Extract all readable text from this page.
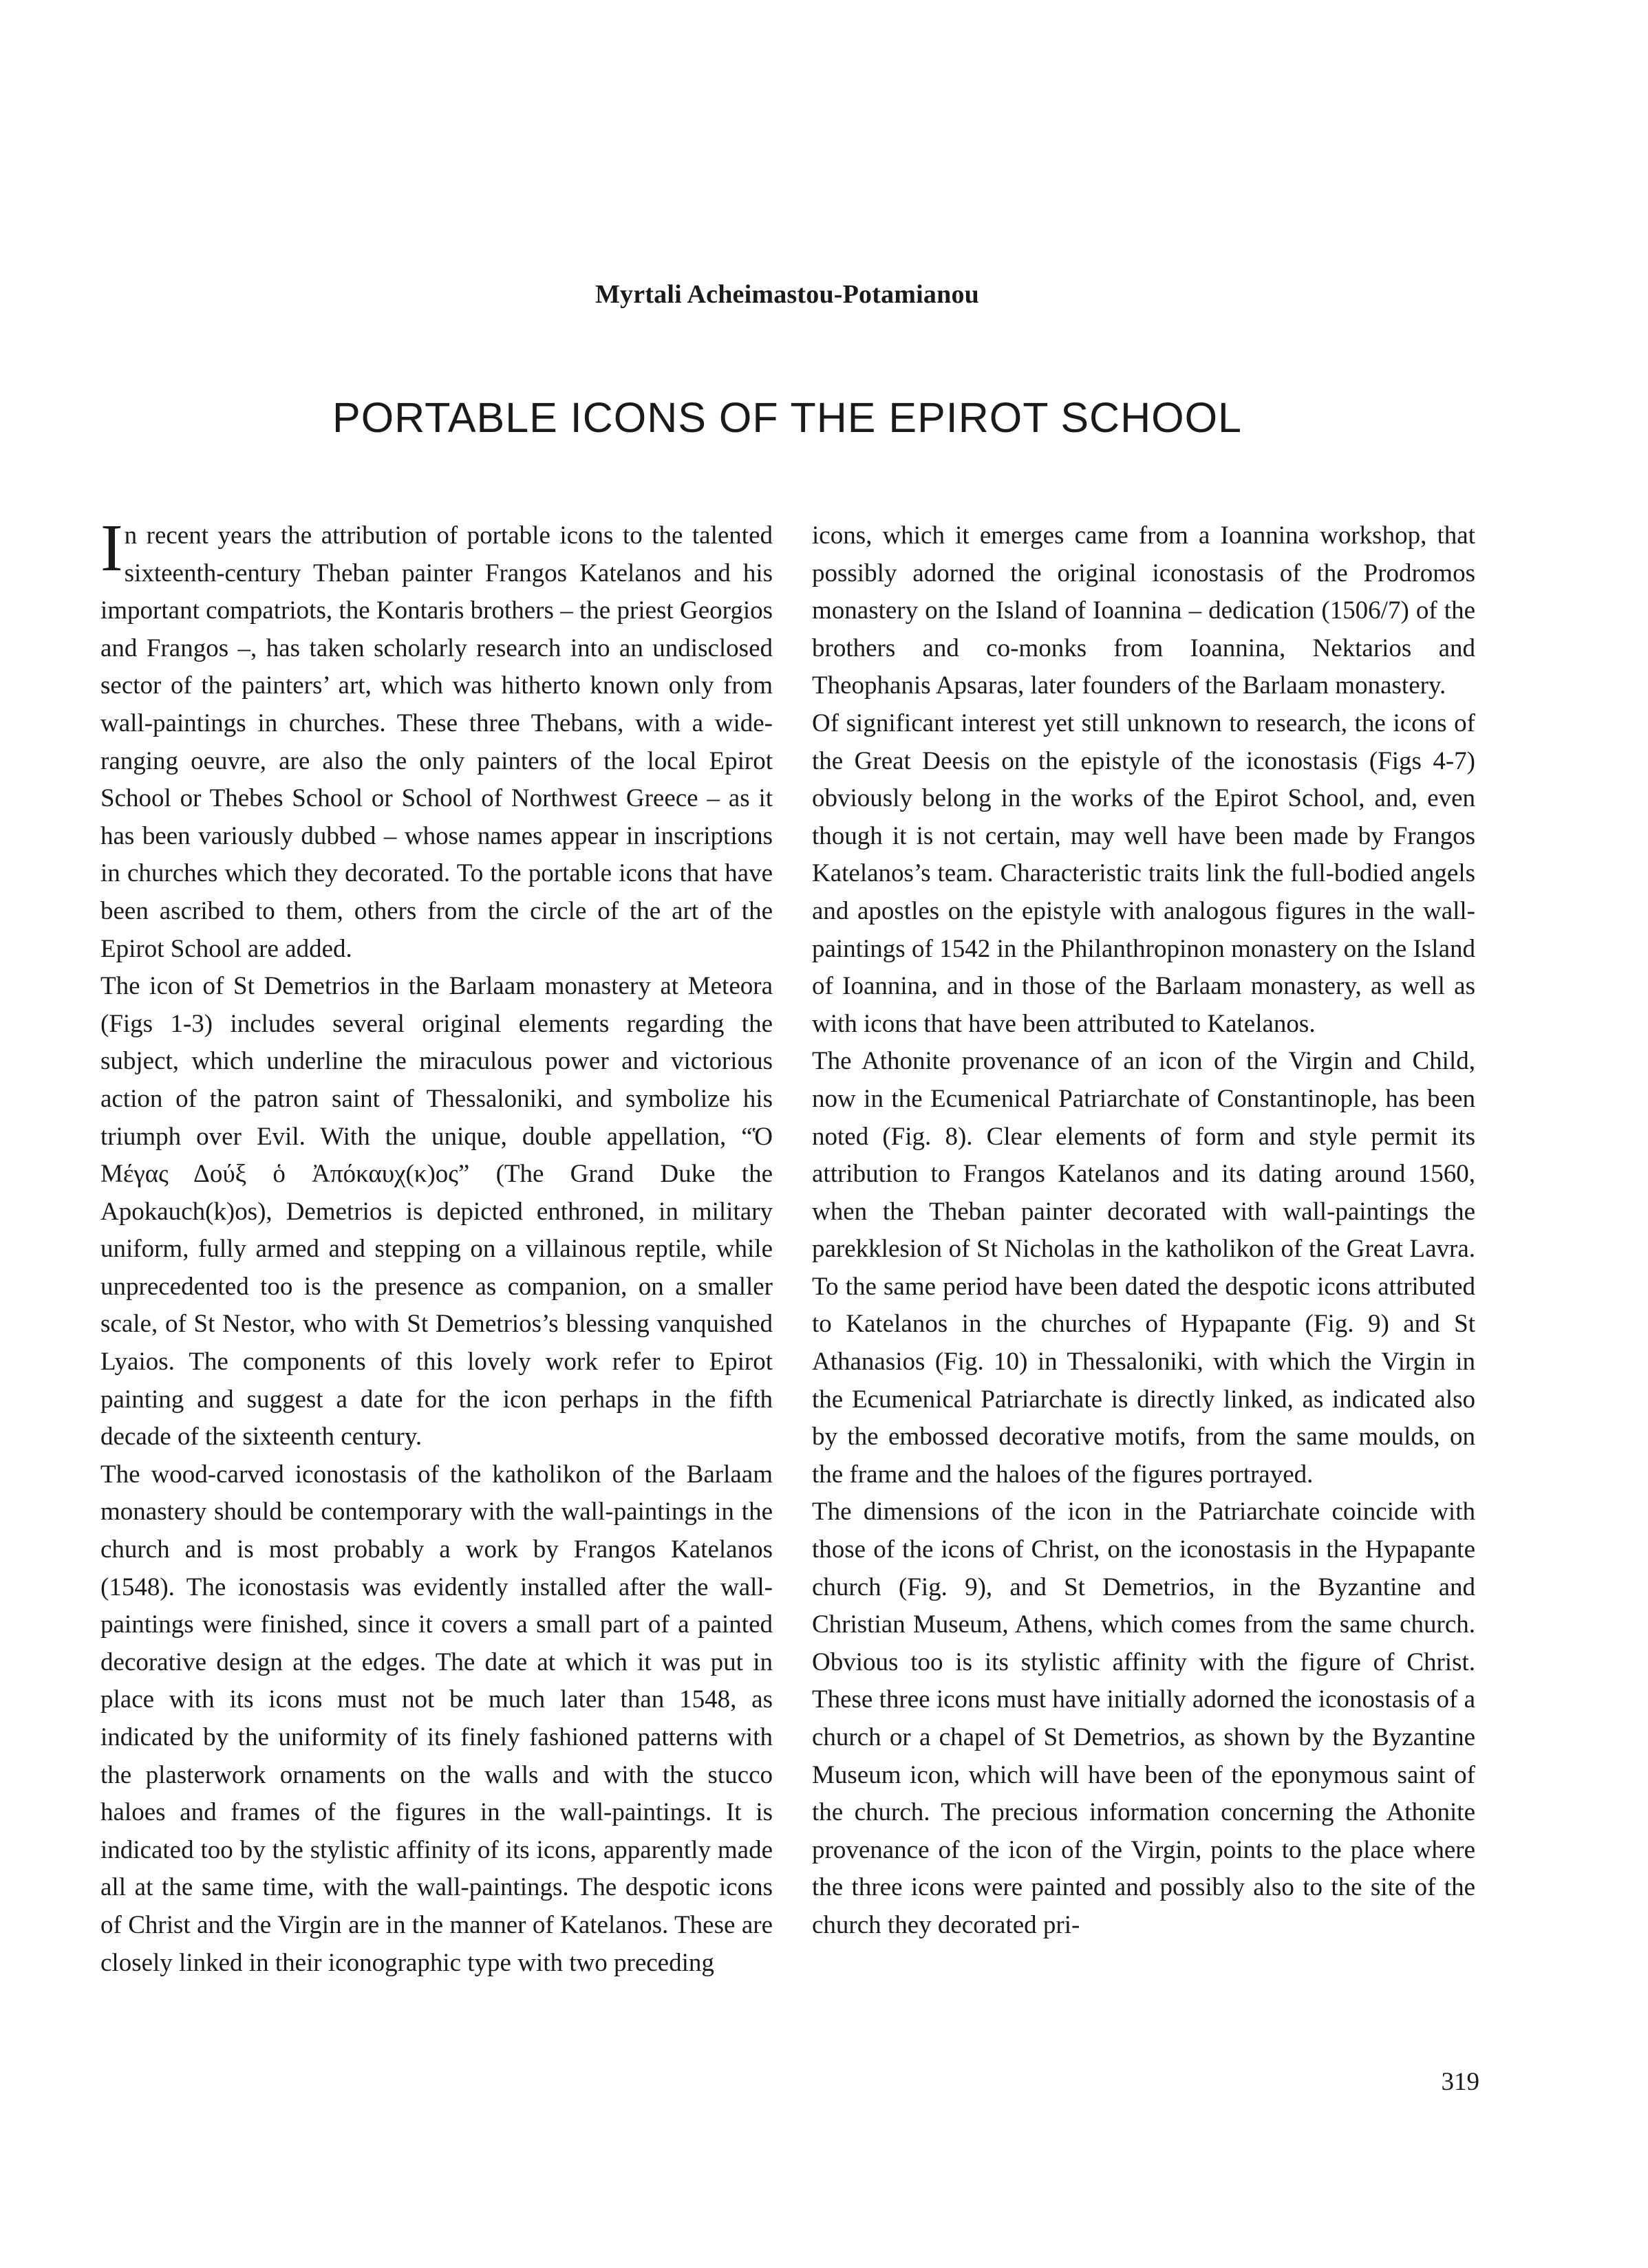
Myrtali Acheimastou-Potamianou
PORTABLE ICONS OF THE EPIROT SCHOOL

In recent years the attribution of portable icons to the talented sixteenth-century Theban painter Frangos Katelanos and his important compatriots, the Kontaris brothers – the priest Georgios and Frangos –, has taken scholarly research into an undisclosed sector of the painters’ art, which was hitherto known only from wall-paintings in churches. These three Thebans, with a wide-ranging oeuvre, are also the only painters of the local Epirot School or Thebes School or School of Northwest Greece – as it has been variously dubbed – whose names appear in inscriptions in churches which they decorated. To the portable icons that have been ascribed to them, others from the circle of the art of the Epirot School are added.

The icon of St Demetrios in the Barlaam monastery at Meteora (Figs 1-3) includes several original elements regarding the subject, which underline the miraculous power and victorious action of the patron saint of Thessaloniki, and symbolize his triumph over Evil. With the unique, double appellation, “Ὁ Μέγας Δούξ ὁ Ἀπόκαυχ(κ)ος” (The Grand Duke the Apokauch(k)os), Demetrios is depicted enthroned, in military uniform, fully armed and stepping on a villainous reptile, while unprecedented too is the presence as companion, on a smaller scale, of St Nestor, who with St Demetrios’s blessing vanquished Lyaios. The components of this lovely work refer to Epirot painting and suggest a date for the icon perhaps in the fifth decade of the sixteenth century.

The wood-carved iconostasis of the katholikon of the Barlaam monastery should be contemporary with the wall-paintings in the church and is most probably a work by Frangos Katelanos (1548). The iconostasis was evidently installed after the wall-paintings were finished, since it covers a small part of a painted decorative design at the edges. The date at which it was put in place with its icons must not be much later than 1548, as indicated by the uniformity of its finely fashioned patterns with the plasterwork ornaments on the walls and with the stucco haloes and frames of the figures in the wall-paintings. It is indicated too by the stylistic affinity of its icons, apparently made all at the same time, with the wall-paintings. The despotic icons of Christ and the Virgin are in the manner of Katelanos. These are closely linked in their iconographic type with two preceding

icons, which it emerges came from a Ioannina workshop, that possibly adorned the original iconostasis of the Prodromos monastery on the Island of Ioannina – dedication (1506/7) of the brothers and co-monks from Ioannina, Nektarios and Theophanis Apsaras, later founders of the Barlaam monastery.

Of significant interest yet still unknown to research, the icons of the Great Deesis on the epistyle of the iconostasis (Figs 4-7) obviously belong in the works of the Epirot School, and, even though it is not certain, may well have been made by Frangos Katelanos’s team. Characteristic traits link the full-bodied angels and apostles on the epistyle with analogous figures in the wall-paintings of 1542 in the Philanthropinon monastery on the Island of Ioannina, and in those of the Barlaam monastery, as well as with icons that have been attributed to Katelanos.

The Athonite provenance of an icon of the Virgin and Child, now in the Ecumenical Patriarchate of Constantinople, has been noted (Fig. 8). Clear elements of form and style permit its attribution to Frangos Katelanos and its dating around 1560, when the Theban painter decorated with wall-paintings the parekklesion of St Nicholas in the katholikon of the Great Lavra. To the same period have been dated the despotic icons attributed to Katelanos in the churches of Hypapante (Fig. 9) and St Athanasios (Fig. 10) in Thessaloniki, with which the Virgin in the Ecumenical Patriarchate is directly linked, as indicated also by the embossed decorative motifs, from the same moulds, on the frame and the haloes of the figures portrayed.

The dimensions of the icon in the Patriarchate coincide with those of the icons of Christ, on the iconostasis in the Hypapante church (Fig. 9), and St Demetrios, in the Byzantine and Christian Museum, Athens, which comes from the same church. Obvious too is its stylistic affinity with the figure of Christ. These three icons must have initially adorned the iconostasis of a church or a chapel of St Demetrios, as shown by the Byzantine Museum icon, which will have been of the eponymous saint of the church. The precious information concerning the Athonite provenance of the icon of the Virgin, points to the place where the three icons were painted and possibly also to the site of the church they decorated pri-

319
